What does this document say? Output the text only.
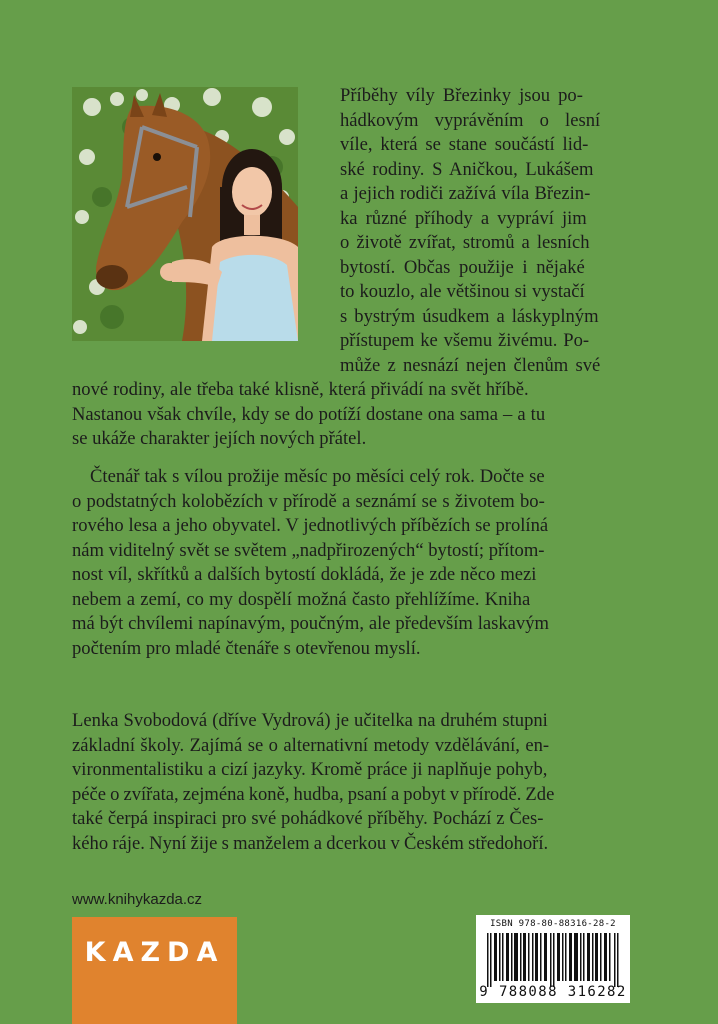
Příběhy víly Březinky jsou po-
hádkovým vyprávěním o lesní
víle, která se stane součástí lid-
ské rodiny. S Aničkou, Lukášem
a jejich rodiči zažívá víla Březin-
ka různé příhody a vypráví jim
o životě zvířat, stromů a lesních
bytostí. Občas použije i nějaké
to kouzlo, ale většinou si vystačí
s bystrým úsudkem a láskyplným
přístupem ke všemu živému. Po-
může z nesnází nejen členům své
nové rodiny, ale třeba také klisně, která přivádí na svět hříbě.
Nastanou však chvíle, kdy se do potíží dostane ona sama – a tu
se ukáže charakter jejích nových přátel.
Čtenář tak s vílou prožije měsíc po měsíci celý rok. Dočte se
o podstatných kolobězích v přírodě a seznámí se s životem bo-
rového lesa a jeho obyvatel. V jednotlivých příbězích se prolíná
nám viditelný svět se světem „nadpřirozených“ bytostí; přítom-
nost víl, skřítků a dalších bytostí dokládá, že je zde něco mezi
nebem a zemí, co my dospělí možná často přehlížíme. Kniha
má být chvílemi napínavým, poučným, ale především laskavým
počtením pro mladé čtenáře s otevřenou myslí.
Lenka Svobodová (dříve Vydrová) je učitelka na druhém stupni
základní školy. Zajímá se o alternativní metody vzdělávání, en-
vironmentalistiku a cizí jazyky. Kromě práce ji naplňuje pohyb,
péče o zvířata, zejména koně, hudba, psaní a pobyt v přírodě. Zde
také čerpá inspiraci pro své pohádkové příběhy. Pochází z Čes-
kého ráje. Nyní žije s manželem a dcerkou v Českém středohoří.
www.knihykazda.cz
KAZDA
ISBN 978-80-88316-28-2
9 788088 316282
